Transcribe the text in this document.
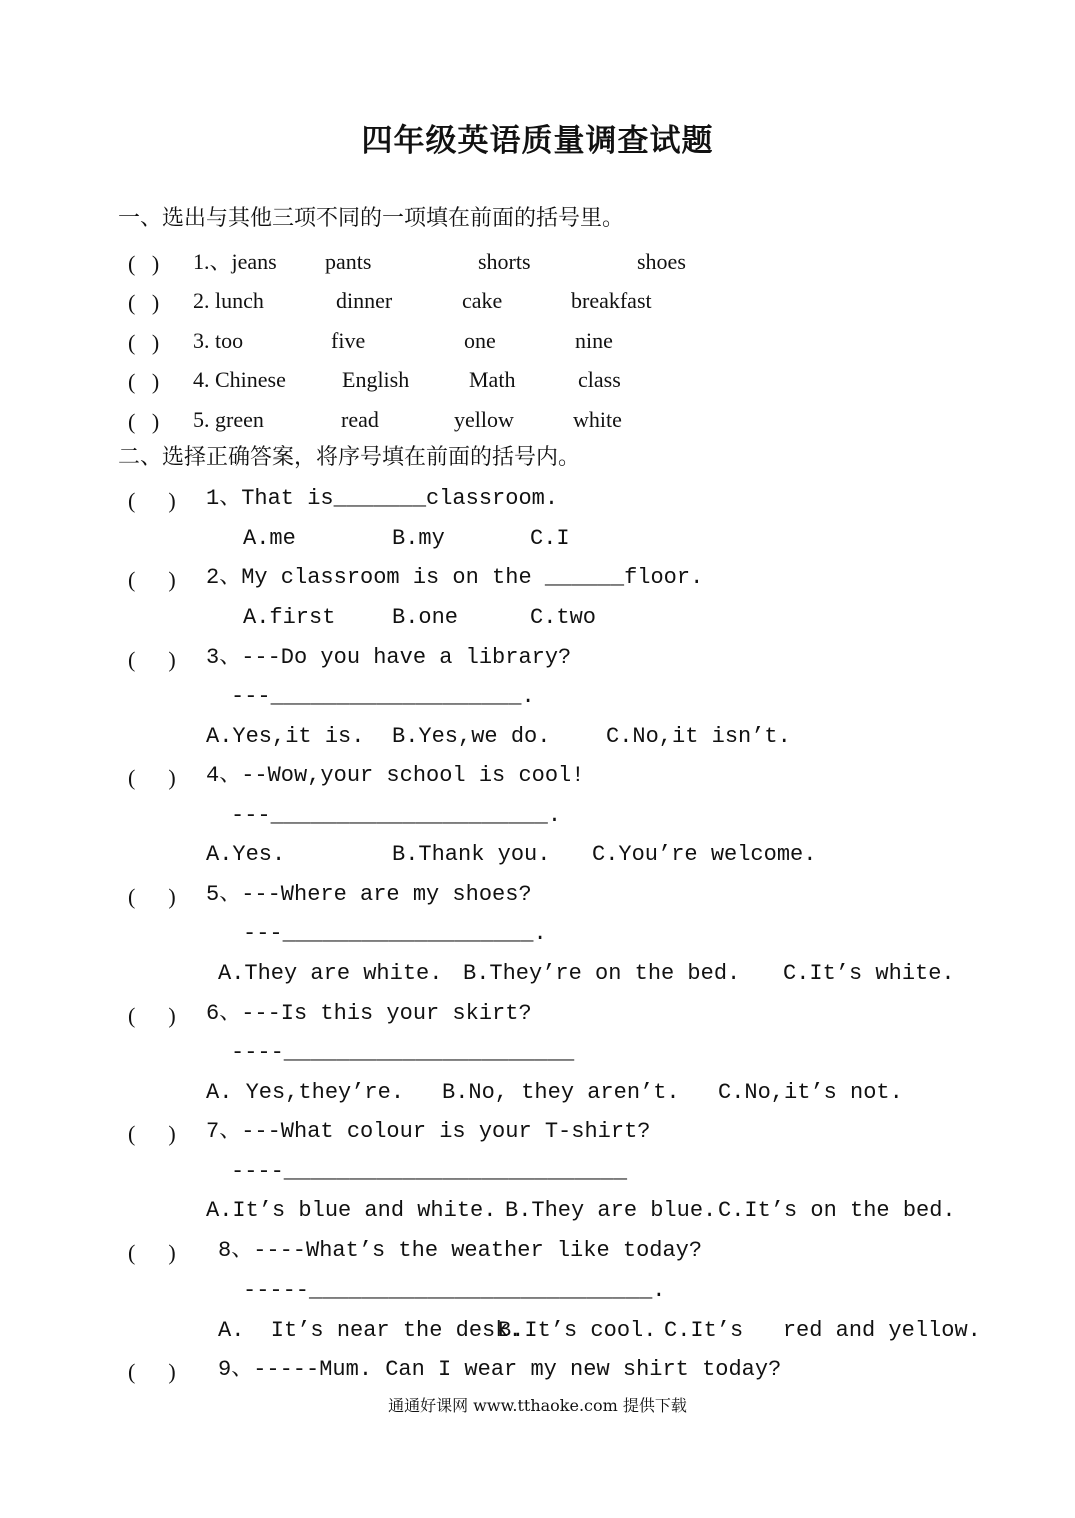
四年级英语质量调查试题
一、选出与其他三项不同的一项填在前面的括号里。
(   ) 1.、jeans pants	shorts	shoes
(   ) 2. lunch	dinner	cake	breakfast
(   ) 3. too	five	one	nine
(   ) 4. Chinese	English	Math	class
(   ) 5. green	read	yellow	white
二、选择正确答案，将序号填在前面的括号内。
(      ) 1、That is_______classroom.
A.me	B.my	C.I
(      ) 2、My classroom is on the ______floor.
A.first	B.one	C.two
(      ) 3、---Do you have a library?
---___________________.
A.Yes,it is. B.Yes,we do.	C.No,it isn’t.
(      ) 4、--Wow,your school is cool!
---_____________________.
A.Yes.	B.Thank you. C.You’re welcome.
(      ) 5、---Where are my shoes?
---___________________.
A.They are white. B.They’re on the bed. C.It’s white.
(      ) 6、---Is this your skirt?
----______________________
A. Yes,they’re. B.No, they aren’t. C.No,it’s not.
(      ) 7、---What colour is your T-shirt?
----__________________________
A.It’s blue and white. B.They are blue. C.It’s on the bed.
(      ) 8、----What’s the weather like today?
-----__________________________.
A.  It’s near the desk.
B.It’s cool. C.It’s   red and yellow.
(      ) 9、-----Mum. Can I wear my new shirt today?
通通好课网 www.tthaoke.com 提供下载
